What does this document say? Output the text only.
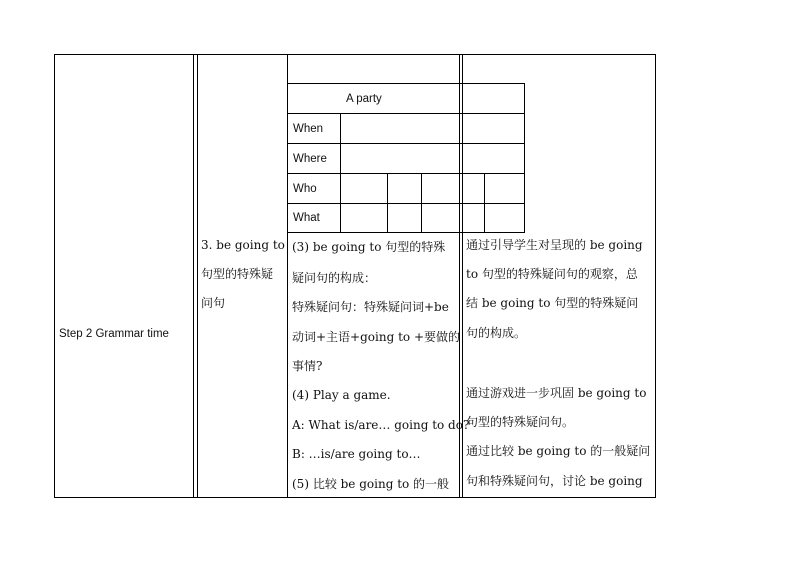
A party
When
Where
Who
What
Step 2 Grammar time
3. be going to
句型的特殊疑
问句
(3) be going to 句型的特殊
疑问句的构成：
特殊疑问句：特殊疑问词+be
动词+主语+going to +要做的
事情?
(4) Play a game.
A: What is/are… going to do?
B: …is/are going to…
(5) 比较 be going to 的一般
通过引导学生对呈现的 be going
to 句型的特殊疑问句的观察，总
结 be going to 句型的特殊疑问
句的构成。
通过游戏进一步巩固 be going to
句型的特殊疑问句。
通过比较 be going to 的一般疑问
句和特殊疑问句，讨论 be going
